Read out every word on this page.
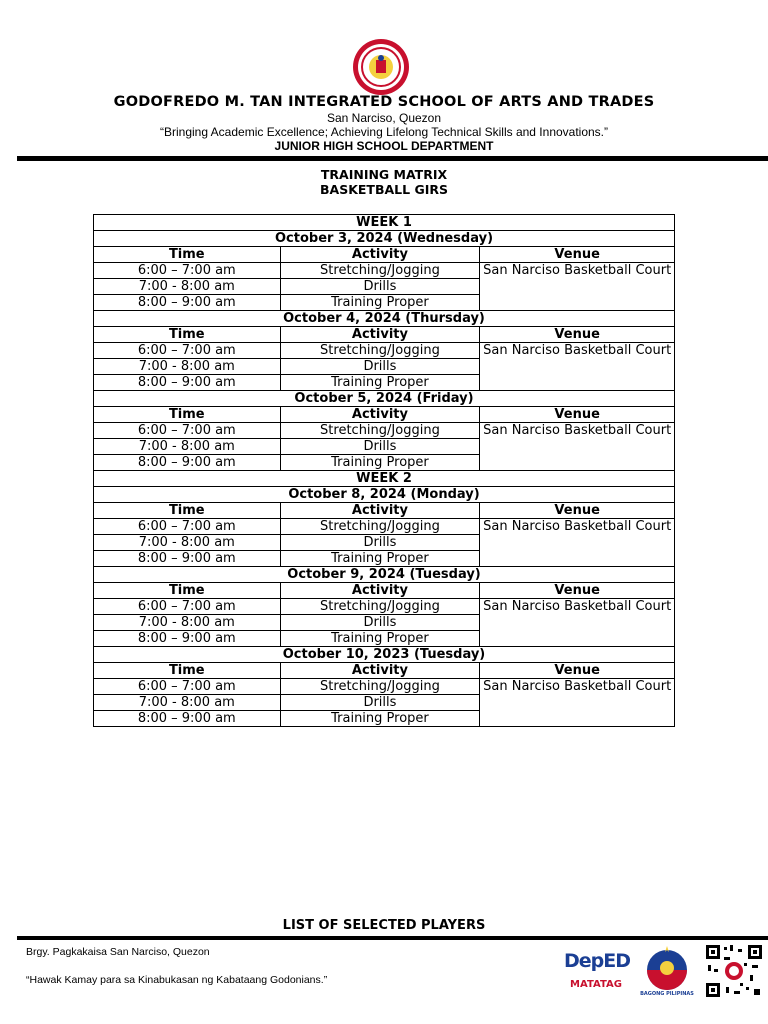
GODOFREDO M. TAN INTEGRATED SCHOOL OF ARTS AND TRADES
San Narciso, Quezon
“Bringing Academic Excellence; Achieving Lifelong Technical Skills and Innovations.”
JUNIOR HIGH SCHOOL DEPARTMENT
TRAINING MATRIX
BASKETBALL GIRS
WEEK 1		
October 3, 2024 (Wednesday)		
Time	Activity	Venue
6:00 – 7:00 am	Stretching/Jogging	San Narciso Basketball Court
7:00 - 8:00 am	Drills	
8:00 – 9:00 am	Training Proper	
October 4, 2024 (Thursday)		
Time	Activity	Venue
6:00 – 7:00 am	Stretching/Jogging	San Narciso Basketball Court
7:00 - 8:00 am	Drills	
8:00 – 9:00 am	Training Proper	
October 5, 2024 (Friday)		
Time	Activity	Venue
6:00 – 7:00 am	Stretching/Jogging	San Narciso Basketball Court
7:00 - 8:00 am	Drills	
8:00 – 9:00 am	Training Proper	
WEEK 2		
October 8, 2024 (Monday)		
Time	Activity	Venue
6:00 – 7:00 am	Stretching/Jogging	San Narciso Basketball Court
7:00 - 8:00 am	Drills	
8:00 – 9:00 am	Training Proper	
October 9, 2024 (Tuesday)		
Time	Activity	Venue
6:00 – 7:00 am	Stretching/Jogging	San Narciso Basketball Court
7:00 - 8:00 am	Drills	
8:00 – 9:00 am	Training Proper	
October 10, 2023 (Tuesday)		
Time	Activity	Venue
6:00 – 7:00 am	Stretching/Jogging	San Narciso Basketball Court
7:00 - 8:00 am	Drills	
8:00 – 9:00 am	Training Proper	
LIST OF SELECTED PLAYERS
Brgy. Pagkakaisa San Narciso, Quezon
“Hawak Kamay para sa Kinabukasan ng Kabataang Godonians.”
DepED
MATATAG
BAGONG PILIPINAS
